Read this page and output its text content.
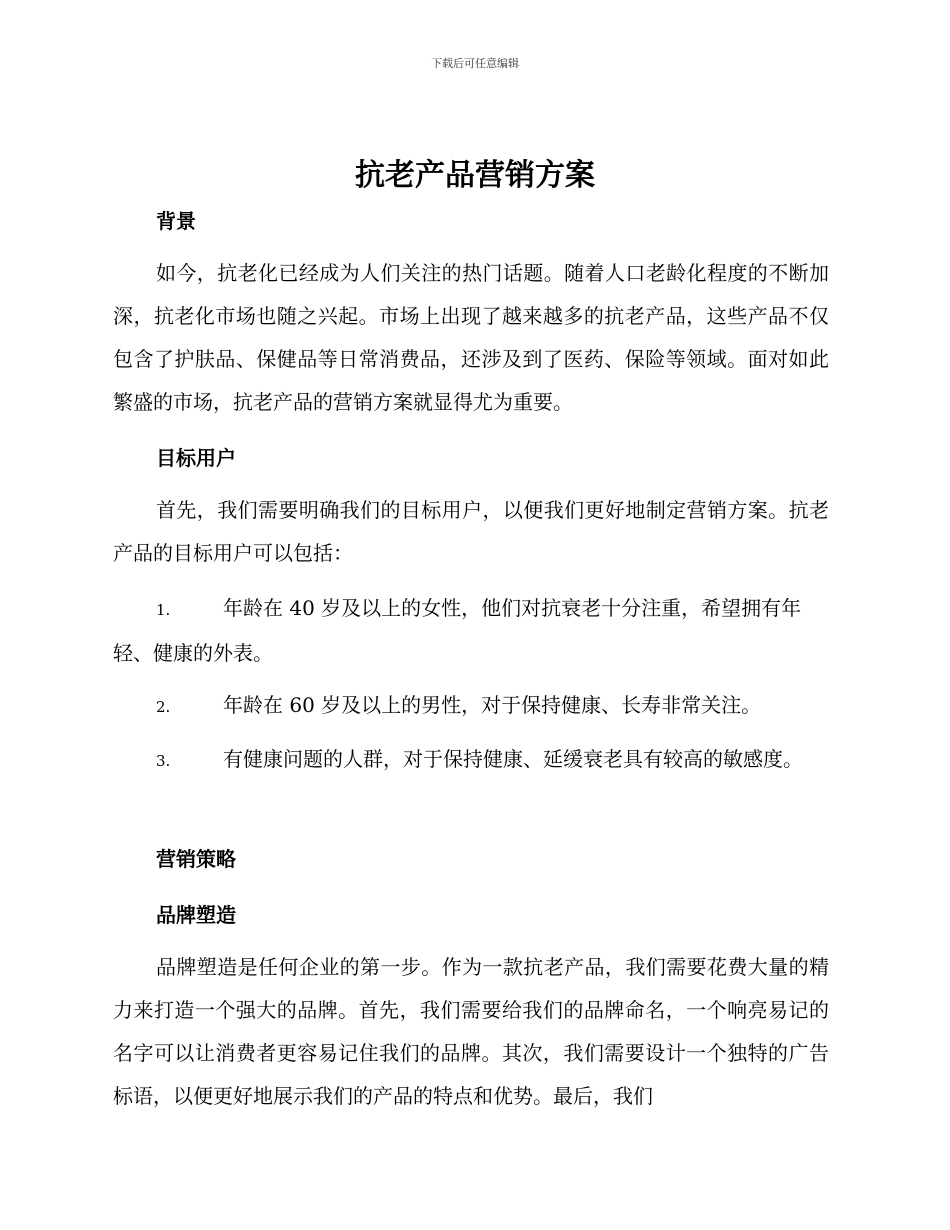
下载后可任意编辑
抗老产品营销方案
背景

如今，抗老化已经成为人们关注的热门话题。随着人口老龄化程度的不断加深，抗老化市场也随之兴起。市场上出现了越来越多的抗老产品，这些产品不仅包含了护肤品、保健品等日常消费品，还涉及到了医药、保险等领域。面对如此繁盛的市场，抗老产品的营销方案就显得尤为重要。

目标用户

首先，我们需要明确我们的目标用户，以便我们更好地制定营销方案。抗老产品的目标用户可以包括：

1.	年龄在 40 岁及以上的女性，他们对抗衰老十分注重，希望拥有年轻、健康的外表。
2.	年龄在 60 岁及以上的男性，对于保持健康、长寿非常关注。
3.	有健康问题的人群，对于保持健康、延缓衰老具有较高的敏感度。
营销策略
品牌塑造

品牌塑造是任何企业的第一步。作为一款抗老产品，我们需要花费大量的精力来打造一个强大的品牌。首先，我们需要给我们的品牌命名，一个响亮易记的名字可以让消费者更容易记住我们的品牌。其次，我们需要设计一个独特的广告标语，以便更好地展示我们的产品的特点和优势。最后，我们
